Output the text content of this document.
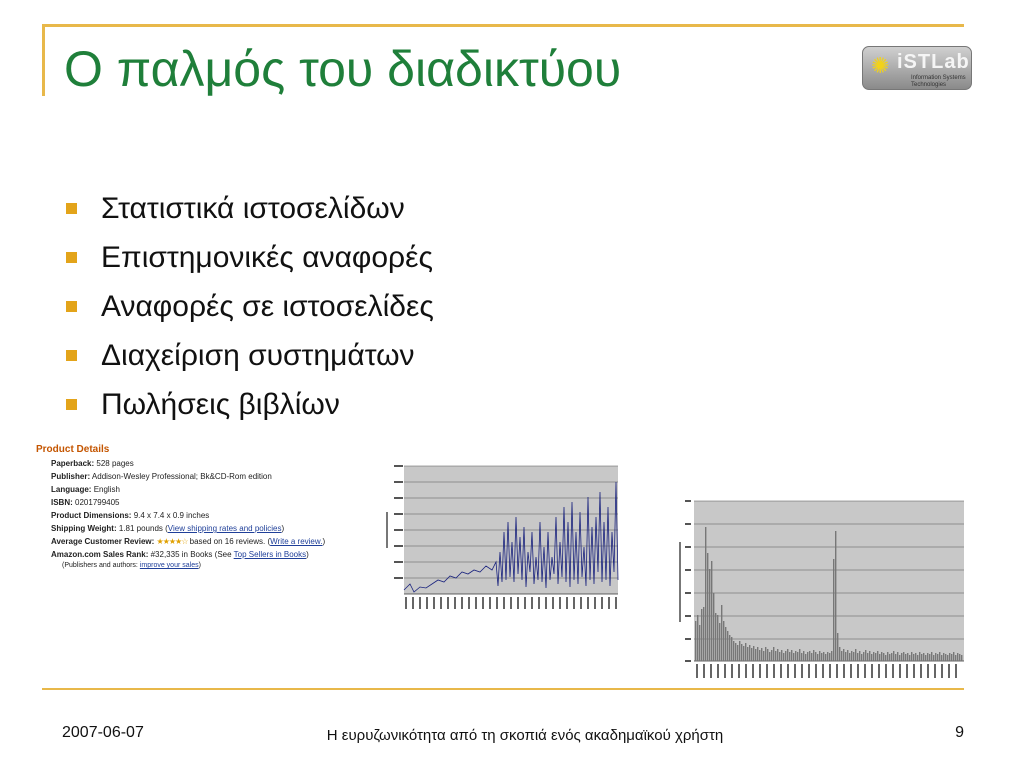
Ο παλμός του διαδικτύου	✺ iSTLab
Information Systems Technologies
Στατιστικά ιστοσελίδων
Επιστημονικές αναφορές
Αναφορές σε ιστοσελίδες
Διαχείριση συστημάτων
Πωλήσεις βιβλίων
Product Details
Paperback: 528 pages
Publisher: Addison-Wesley Professional; Bk&CD-Rom edition
Language: English
ISBN: 0201799405
Product Dimensions: 9.4 x 7.4 x 0.9 inches
Shipping Weight: 1.81 pounds (View shipping rates and policies)
Average Customer Review: ★★★★☆ based on 16 reviews. (Write a review.)
Amazon.com Sales Rank: #32,335 in Books (See Top Sellers in Books)
(Publishers and authors: improve your sales)
2007-06-07	Η ευρυζωνικότητα από τη σκοπιά ενός ακαδημαϊκού χρήστη	9
